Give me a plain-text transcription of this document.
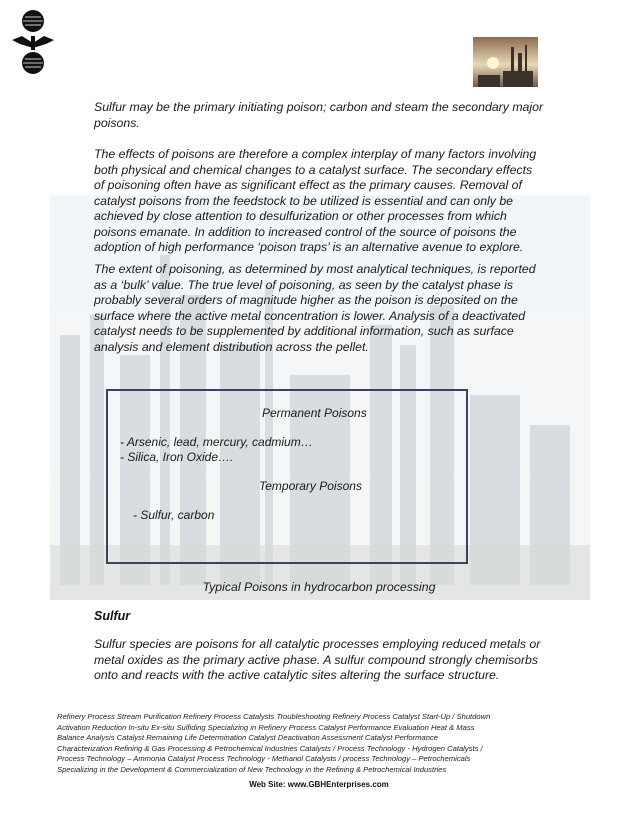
Sulfur may be the primary initiating poison; carbon and steam the secondary major poisons.

The effects of poisons are therefore a complex interplay of many factors involving both physical and chemical changes to a catalyst surface. The secondary effects of poisoning often have as significant effect as the primary causes. Removal of catalyst poisons from the feedstock to be utilized is essential and can only be achieved by close attention to desulfurization or other processes from which poisons emanate. In addition to increased control of the source of poisons the adoption of high performance ‘poison traps’ is an alternative avenue to explore.

The extent of poisoning, as determined by most analytical techniques, is reported as a ‘bulk’ value. The true level of poisoning, as seen by the catalyst phase is probably several orders of magnitude higher as the poison is deposited on the surface where the active metal concentration is lower. Analysis of a deactivated catalyst needs to be supplemented by additional information, such as surface analysis and element distribution across the pellet.

Permanent Poisons
- Arsenic, lead, mercury, cadmium…
- Silica, Iron Oxide….
Temporary Poisons
- Sulfur, carbon
Typical Poisons in hydrocarbon processing
Sulfur

Sulfur species are poisons for all catalytic processes employing reduced metals or metal oxides as the primary active phase. A sulfur compound strongly chemisorbs onto and reacts with the active catalytic sites altering the surface structure.

Refinery Process Stream Purification Refinery Process Catalysts Troubleshooting Refinery Process Catalyst Start-Up / Shutdown
Activation Reduction In-situ Ex-situ Sulfiding Specializing in Refinery Process Catalyst Performance Evaluation Heat & Mass
Balance Analysis Catalyst Remaining Life Determination Catalyst Deactivation Assessment Catalyst Performance
Characterization Refining & Gas Processing & Petrochemical Industries Catalysts / Process Technology - Hydrogen Catalysts /
Process Technology – Ammonia Catalyst Process Technology - Methanol Catalysts / process Technology – Petrochemicals
Specializing in the Development & Commercialization of New Technology in the Refining & Petrochemical Industries
Web Site: www.GBHEnterprises.com
